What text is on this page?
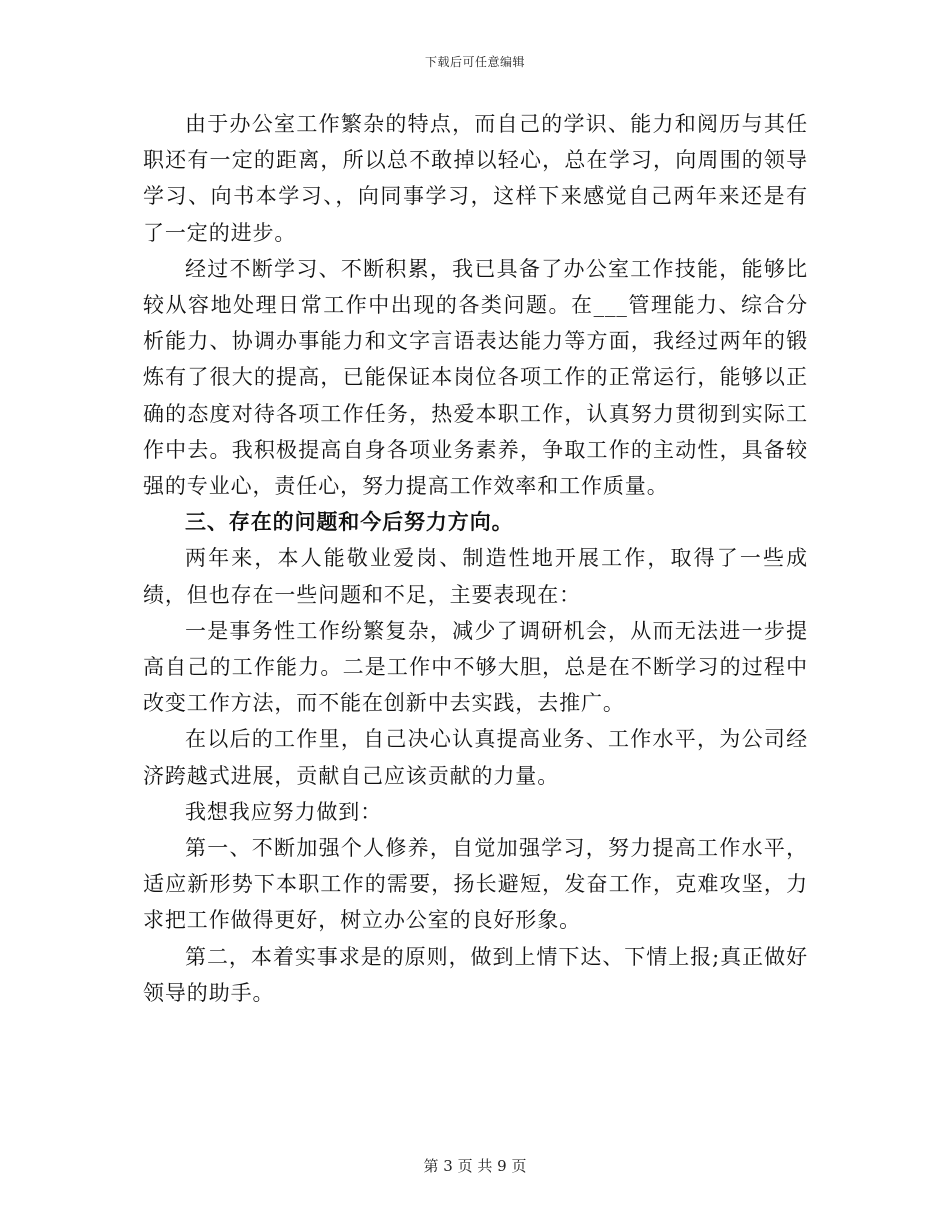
下载后可任意编辑

由于办公室工作繁杂的特点，而自己的学识、能力和阅历与其任职还有一定的距离，所以总不敢掉以轻心，总在学习，向周围的领导学习、向书本学习、，向同事学习，这样下来感觉自己两年来还是有了一定的进步。

经过不断学习、不断积累，我已具备了办公室工作技能，能够比较从容地处理日常工作中出现的各类问题。在___管理能力、综合分析能力、协调办事能力和文字言语表达能力等方面，我经过两年的锻炼有了很大的提高，已能保证本岗位各项工作的正常运行，能够以正确的态度对待各项工作任务，热爱本职工作，认真努力贯彻到实际工作中去。我积极提高自身各项业务素养，争取工作的主动性，具备较强的专业心，责任心，努力提高工作效率和工作质量。

三、存在的问题和今后努力方向。

两年来，本人能敬业爱岗、制造性地开展工作，取得了一些成绩，但也存在一些问题和不足，主要表现在：

一是事务性工作纷繁复杂，减少了调研机会，从而无法进一步提高自己的工作能力。二是工作中不够大胆，总是在不断学习的过程中改变工作方法，而不能在创新中去实践，去推广。

在以后的工作里，自己决心认真提高业务、工作水平，为公司经济跨越式进展，贡献自己应该贡献的力量。

我想我应努力做到：

第一、不断加强个人修养，自觉加强学习，努力提高工作水平，适应新形势下本职工作的需要，扬长避短，发奋工作，克难攻坚，力求把工作做得更好，树立办公室的良好形象。

第二，本着实事求是的原则，做到上情下达、下情上报;真正做好领导的助手。

第 3 页 共 9 页
